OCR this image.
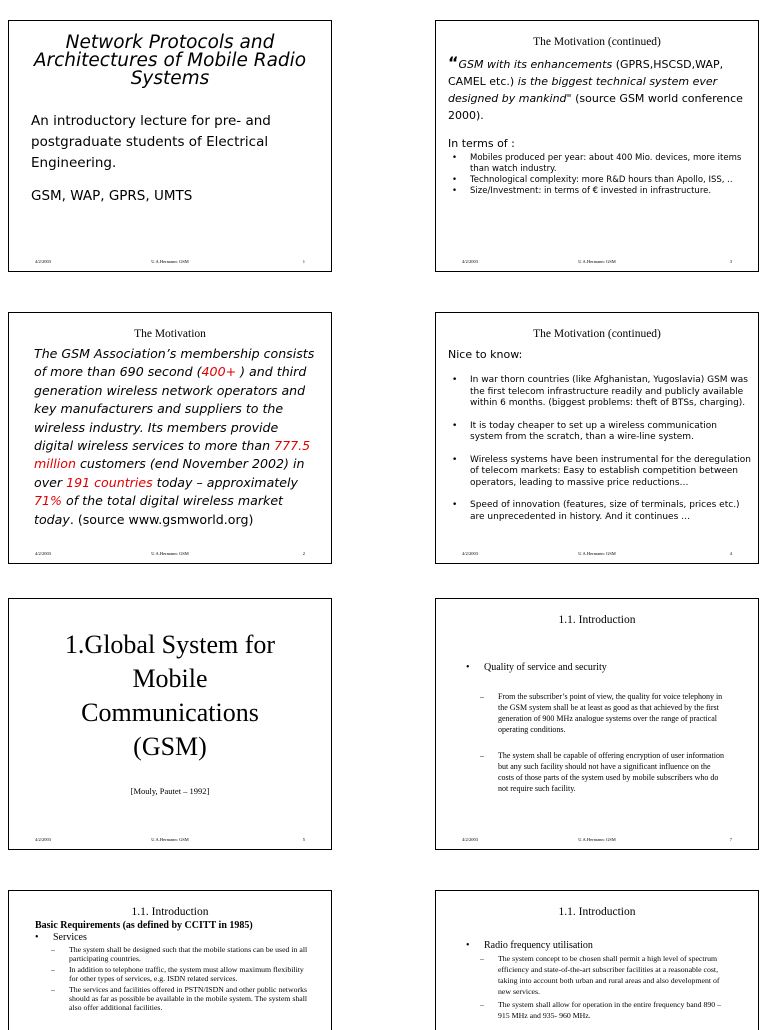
Network Protocols and Architectures of Mobile Radio Systems
An introductory lecture for pre- and postgraduate students of Electrical Engineering.
GSM, WAP, GPRS, UMTS
4/2/2003	U.A.Hermann: GSM	1
The Motivation (continued)
“GSM with its enhancements (GPRS,HSCSD,WAP, CAMEL etc.) is the biggest technical system ever designed by mankind" (source GSM world conference 2000).
In terms of :
• Mobiles produced per year: about 400 Mio. devices, more items than watch industry.
• Technological complexity: more R&D hours than Apollo, ISS, ..
• Size/Investment: in terms of € invested in infrastructure.
4/2/2003	U.A.Hermann: GSM	3
The Motivation
The GSM Association’s membership consists of more than 690 second (400+ ) and third generation wireless network operators and key manufacturers and suppliers to the wireless industry. Its members provide digital wireless services to more than 777.5 million customers (end November 2002) in over 191 countries today – approximately 71% of the total digital wireless market today. (source www.gsmworld.org)
4/2/2003	U.A.Hermann: GSM	2
The Motivation (continued)
Nice to know:
• In war thorn countries (like Afghanistan, Yugoslavia) GSM was the first telecom infrastructure readily and publicly available within 6 months. (biggest problems: theft of BTSs, charging).
• It is today cheaper to set up a wireless communication system from the scratch, than a wire-line system.
• Wireless systems have been instrumental for the deregulation of telecom markets: Easy to establish competition between operators, leading to massive price reductions…
• Speed of innovation (features, size of terminals, prices etc.) are unprecedented in history. And it continues …
4/2/2003	U.A.Hermann: GSM	4
1.Global System for Mobile Communications (GSM)
[Mouly, Pautet – 1992]
4/2/2003	U.A.Hermann: GSM	5
1.1. Introduction
• Quality of service and security
– From the subscriber’s point of view, the quality for voice telephony in the GSM system shall be at least as good as that achieved by the first generation of 900 MHz analogue systems over the range of practical operating conditions.
– The system shall be capable of offering encryption of user information but any such facility should not have a significant influence on the costs of those parts of the system used by mobile subscribers who do not require such facility.
4/2/2003	U.A.Hermann: GSM	7
1.1. Introduction
Basic Requirements (as defined by CCITT in 1985)
• Services
– The system shall be designed such that the mobile stations can be used in all participating countries.
– In addition to telephone traffic, the system must allow maximum flexibility for other types of services, e.g. ISDN related services.
– The services and facilities offered in PSTN/ISDN and other public networks should as far as possible be available in the mobile system. The system shall also offer additional facilities.
1.1. Introduction
• Radio frequency utilisation
– The system concept to be chosen shall permit a high level of spectrum efficiency and state-of-the-art subscriber facilities at a reasonable cost, taking into account both urban and rural areas and also development of new services.
– The system shall allow for operation in the entire frequency band 890 – 915 MHz and 935- 960 MHz.
